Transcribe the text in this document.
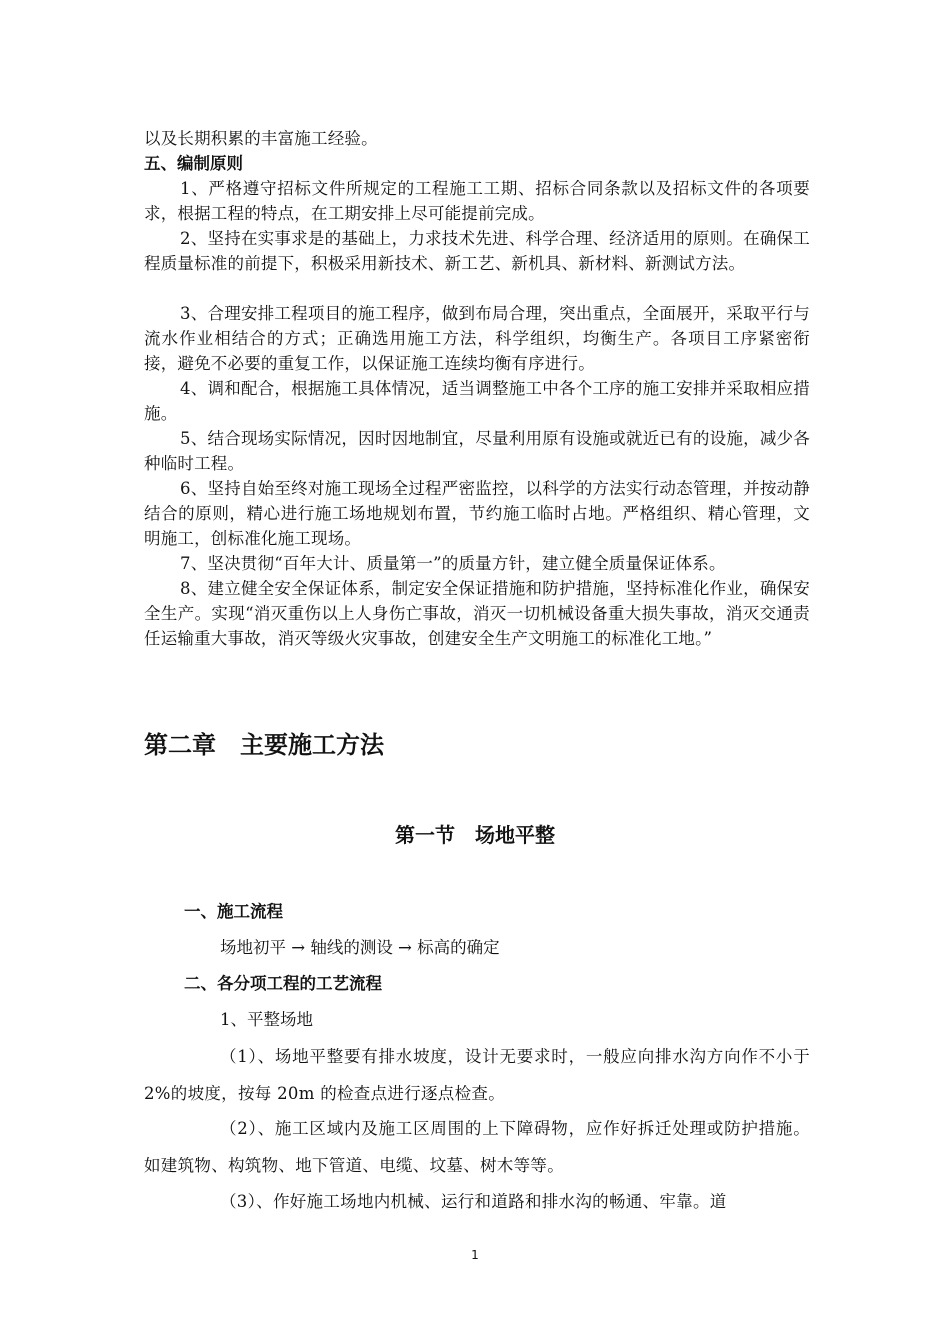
以及长期积累的丰富施工经验。

五、编制原则

1、严格遵守招标文件所规定的工程施工工期、招标合同条款以及招标文件的各项要求，根据工程的特点，在工期安排上尽可能提前完成。

2、坚持在实事求是的基础上，力求技术先进、科学合理、经济适用的原则。在确保工程质量标准的前提下，积极采用新技术、新工艺、新机具、新材料、新测试方法。

3、合理安排工程项目的施工程序，做到布局合理，突出重点，全面展开，采取平行与流水作业相结合的方式；正确选用施工方法，科学组织，均衡生产。各项目工序紧密衔接，避免不必要的重复工作，以保证施工连续均衡有序进行。

4、调和配合，根据施工具体情况，适当调整施工中各个工序的施工安排并采取相应措施。

5、结合现场实际情况，因时因地制宜，尽量利用原有设施或就近已有的设施，减少各种临时工程。

6、坚持自始至终对施工现场全过程严密监控，以科学的方法实行动态管理，并按动静结合的原则，精心进行施工场地规划布置，节约施工临时占地。严格组织、精心管理，文明施工，创标准化施工现场。

7、坚决贯彻“百年大计、质量第一”的质量方针，建立健全质量保证体系。

8、建立健全安全保证体系，制定安全保证措施和防护措施，坚持标准化作业，确保安全生产。实现“消灭重伤以上人身伤亡事故，消灭一切机械设备重大损失事故，消灭交通责任运输重大事故，消灭等级火灾事故，创建安全生产文明施工的标准化工地。”

第二章　主要施工方法
第一节　场地平整
一、施工流程

场地初平 → 轴线的测设 → 标高的确定

二、各分项工程的工艺流程

1、平整场地

（1）、场地平整要有排水坡度，设计无要求时，一般应向排水沟方向作不小于 2%的坡度，按每 20m 的检查点进行逐点检查。

（2）、施工区域内及施工区周围的上下障碍物，应作好拆迁处理或防护措施。如建筑物、构筑物、地下管道、电缆、坟墓、树木等等。

（3）、作好施工场地内机械、运行和道路和排水沟的畅通、牢靠。道

1
